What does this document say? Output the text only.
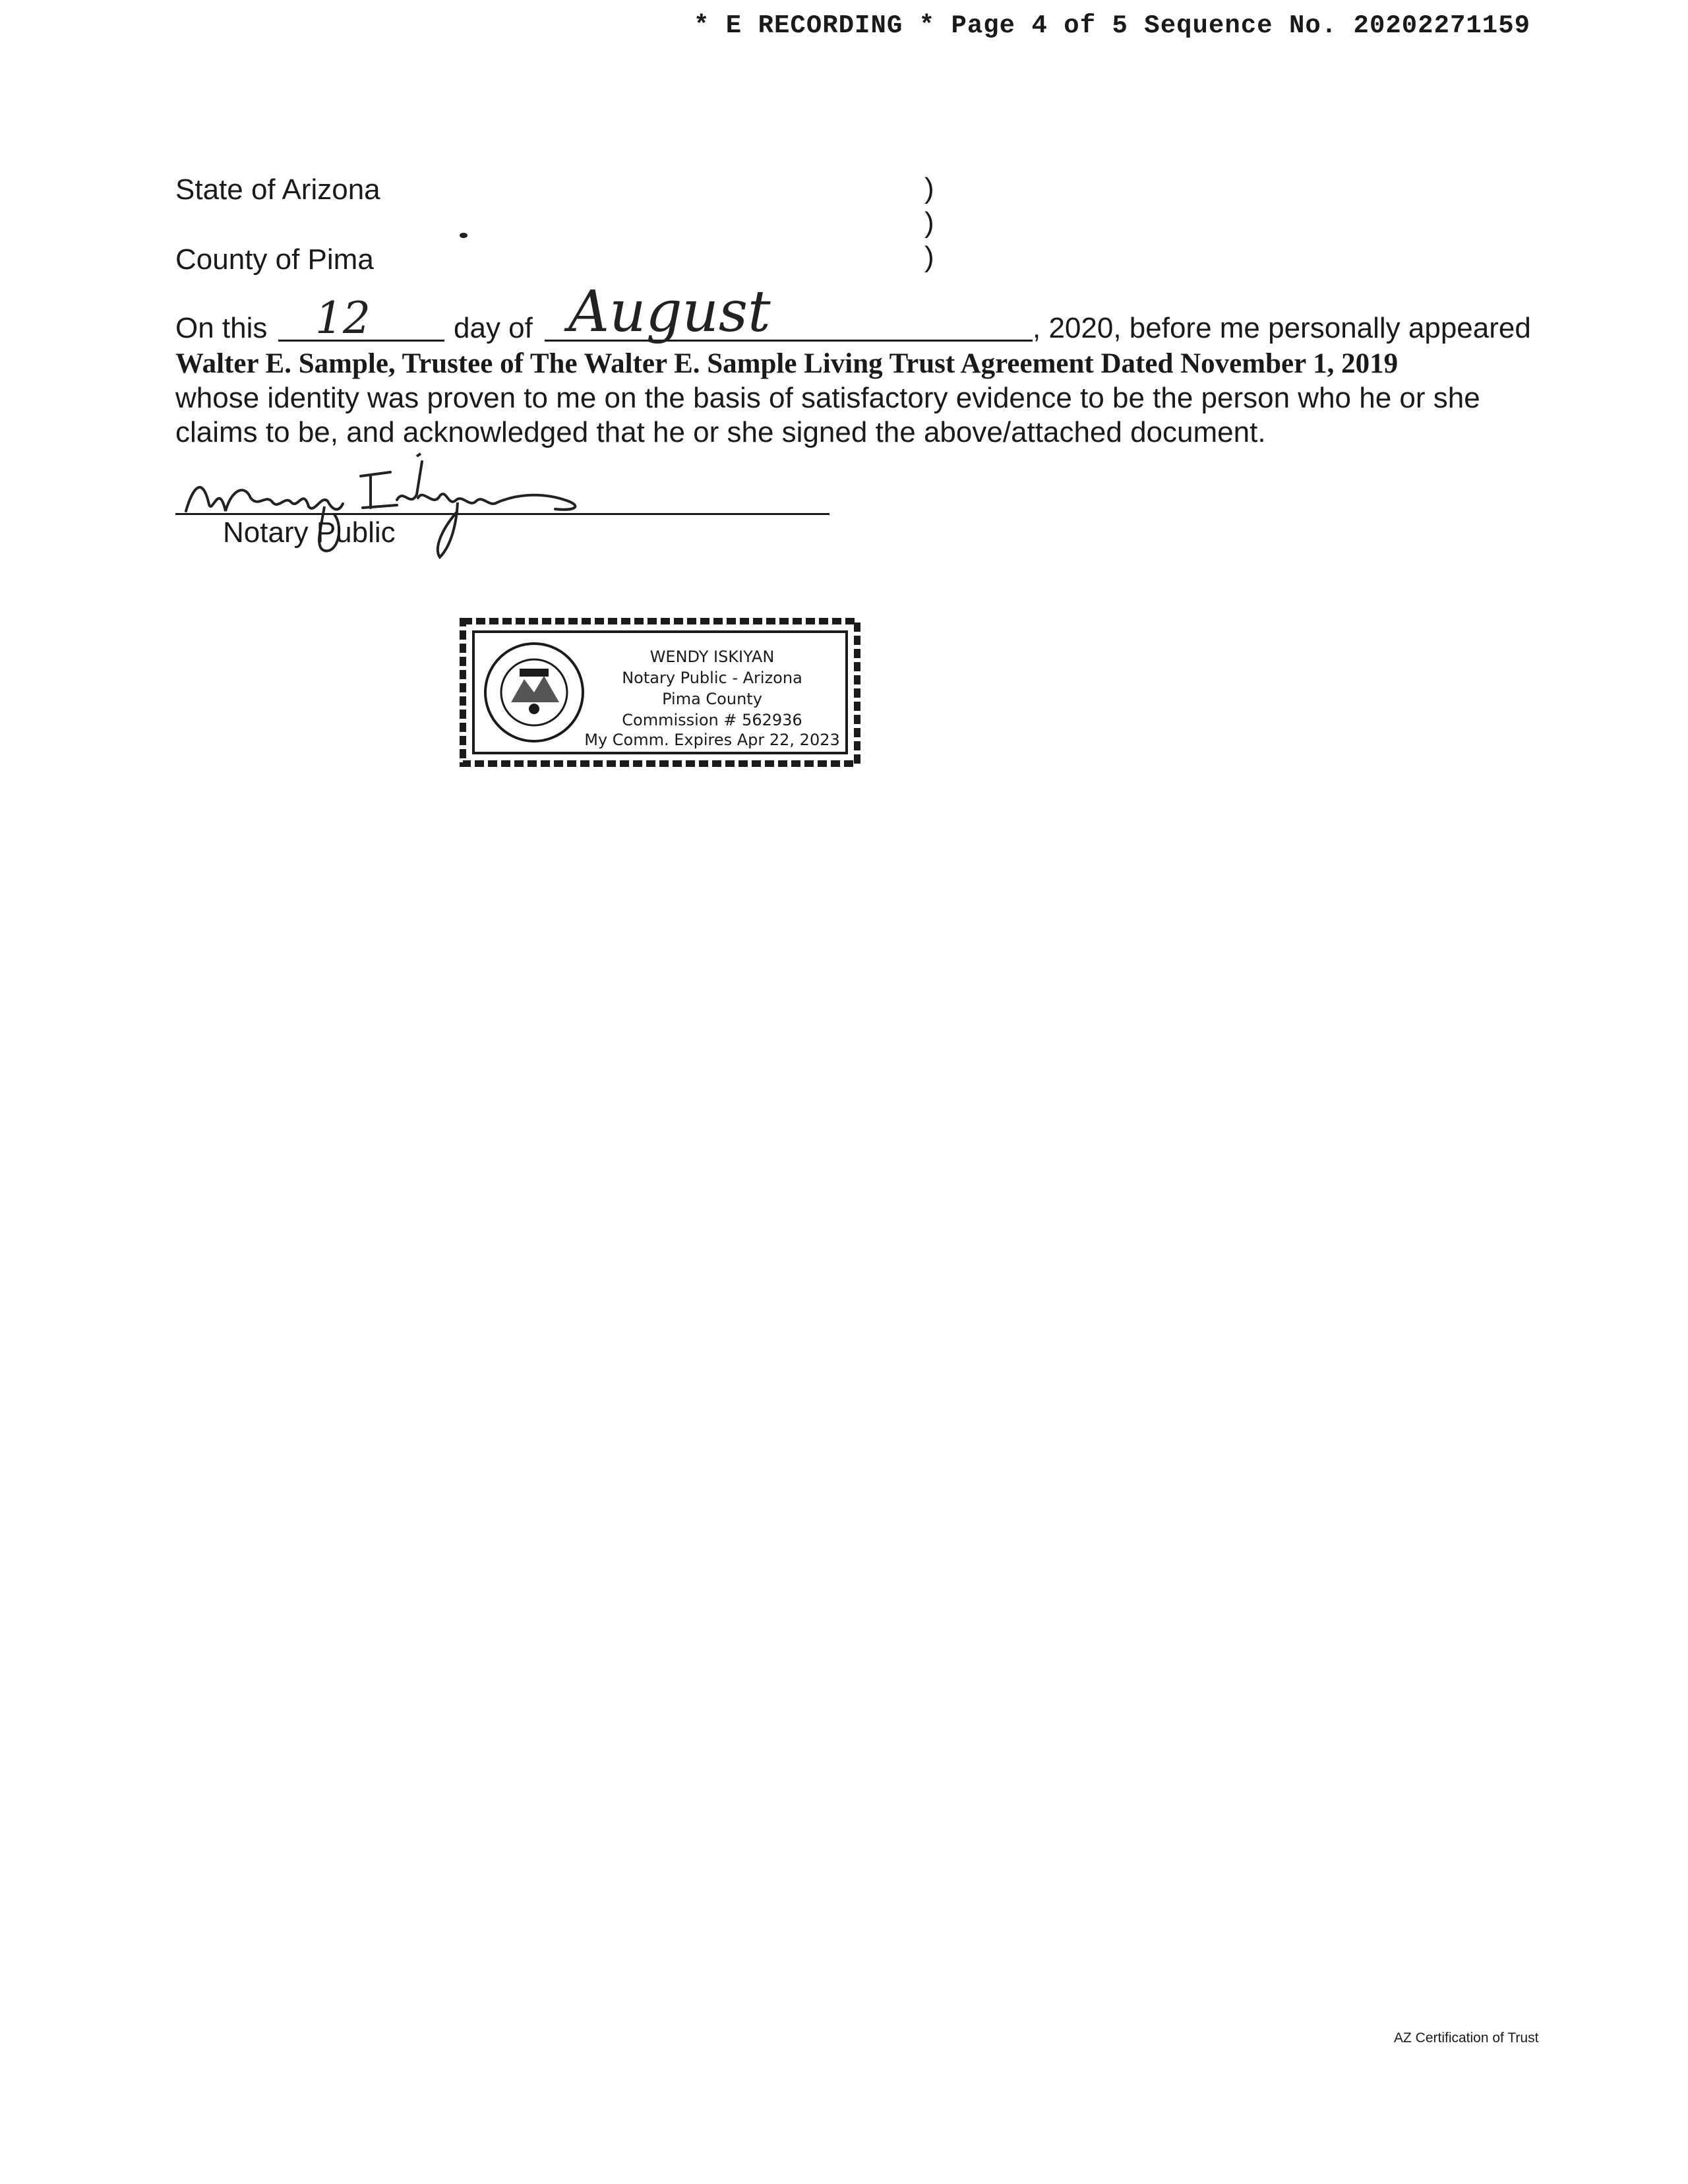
* E RECORDING * Page 4 of 5 Sequence No. 20202271159
State of Arizona
County of Pima
)
)
)
On this 12	day of August	, 2020, before me personally appeared
Walter E. Sample, Trustee of The Walter E. Sample Living Trust Agreement Dated November 1, 2019
whose identity was proven to me on the basis of satisfactory evidence to be the person who he or she
claims to be, and acknowledged that he or she signed the above/attached document.
Notary Public
WENDY ISKIYAN
Notary Public - Arizona
Pima County
Commission # 562936
My Comm. Expires Apr 22, 2023
AZ Certification of Trust
